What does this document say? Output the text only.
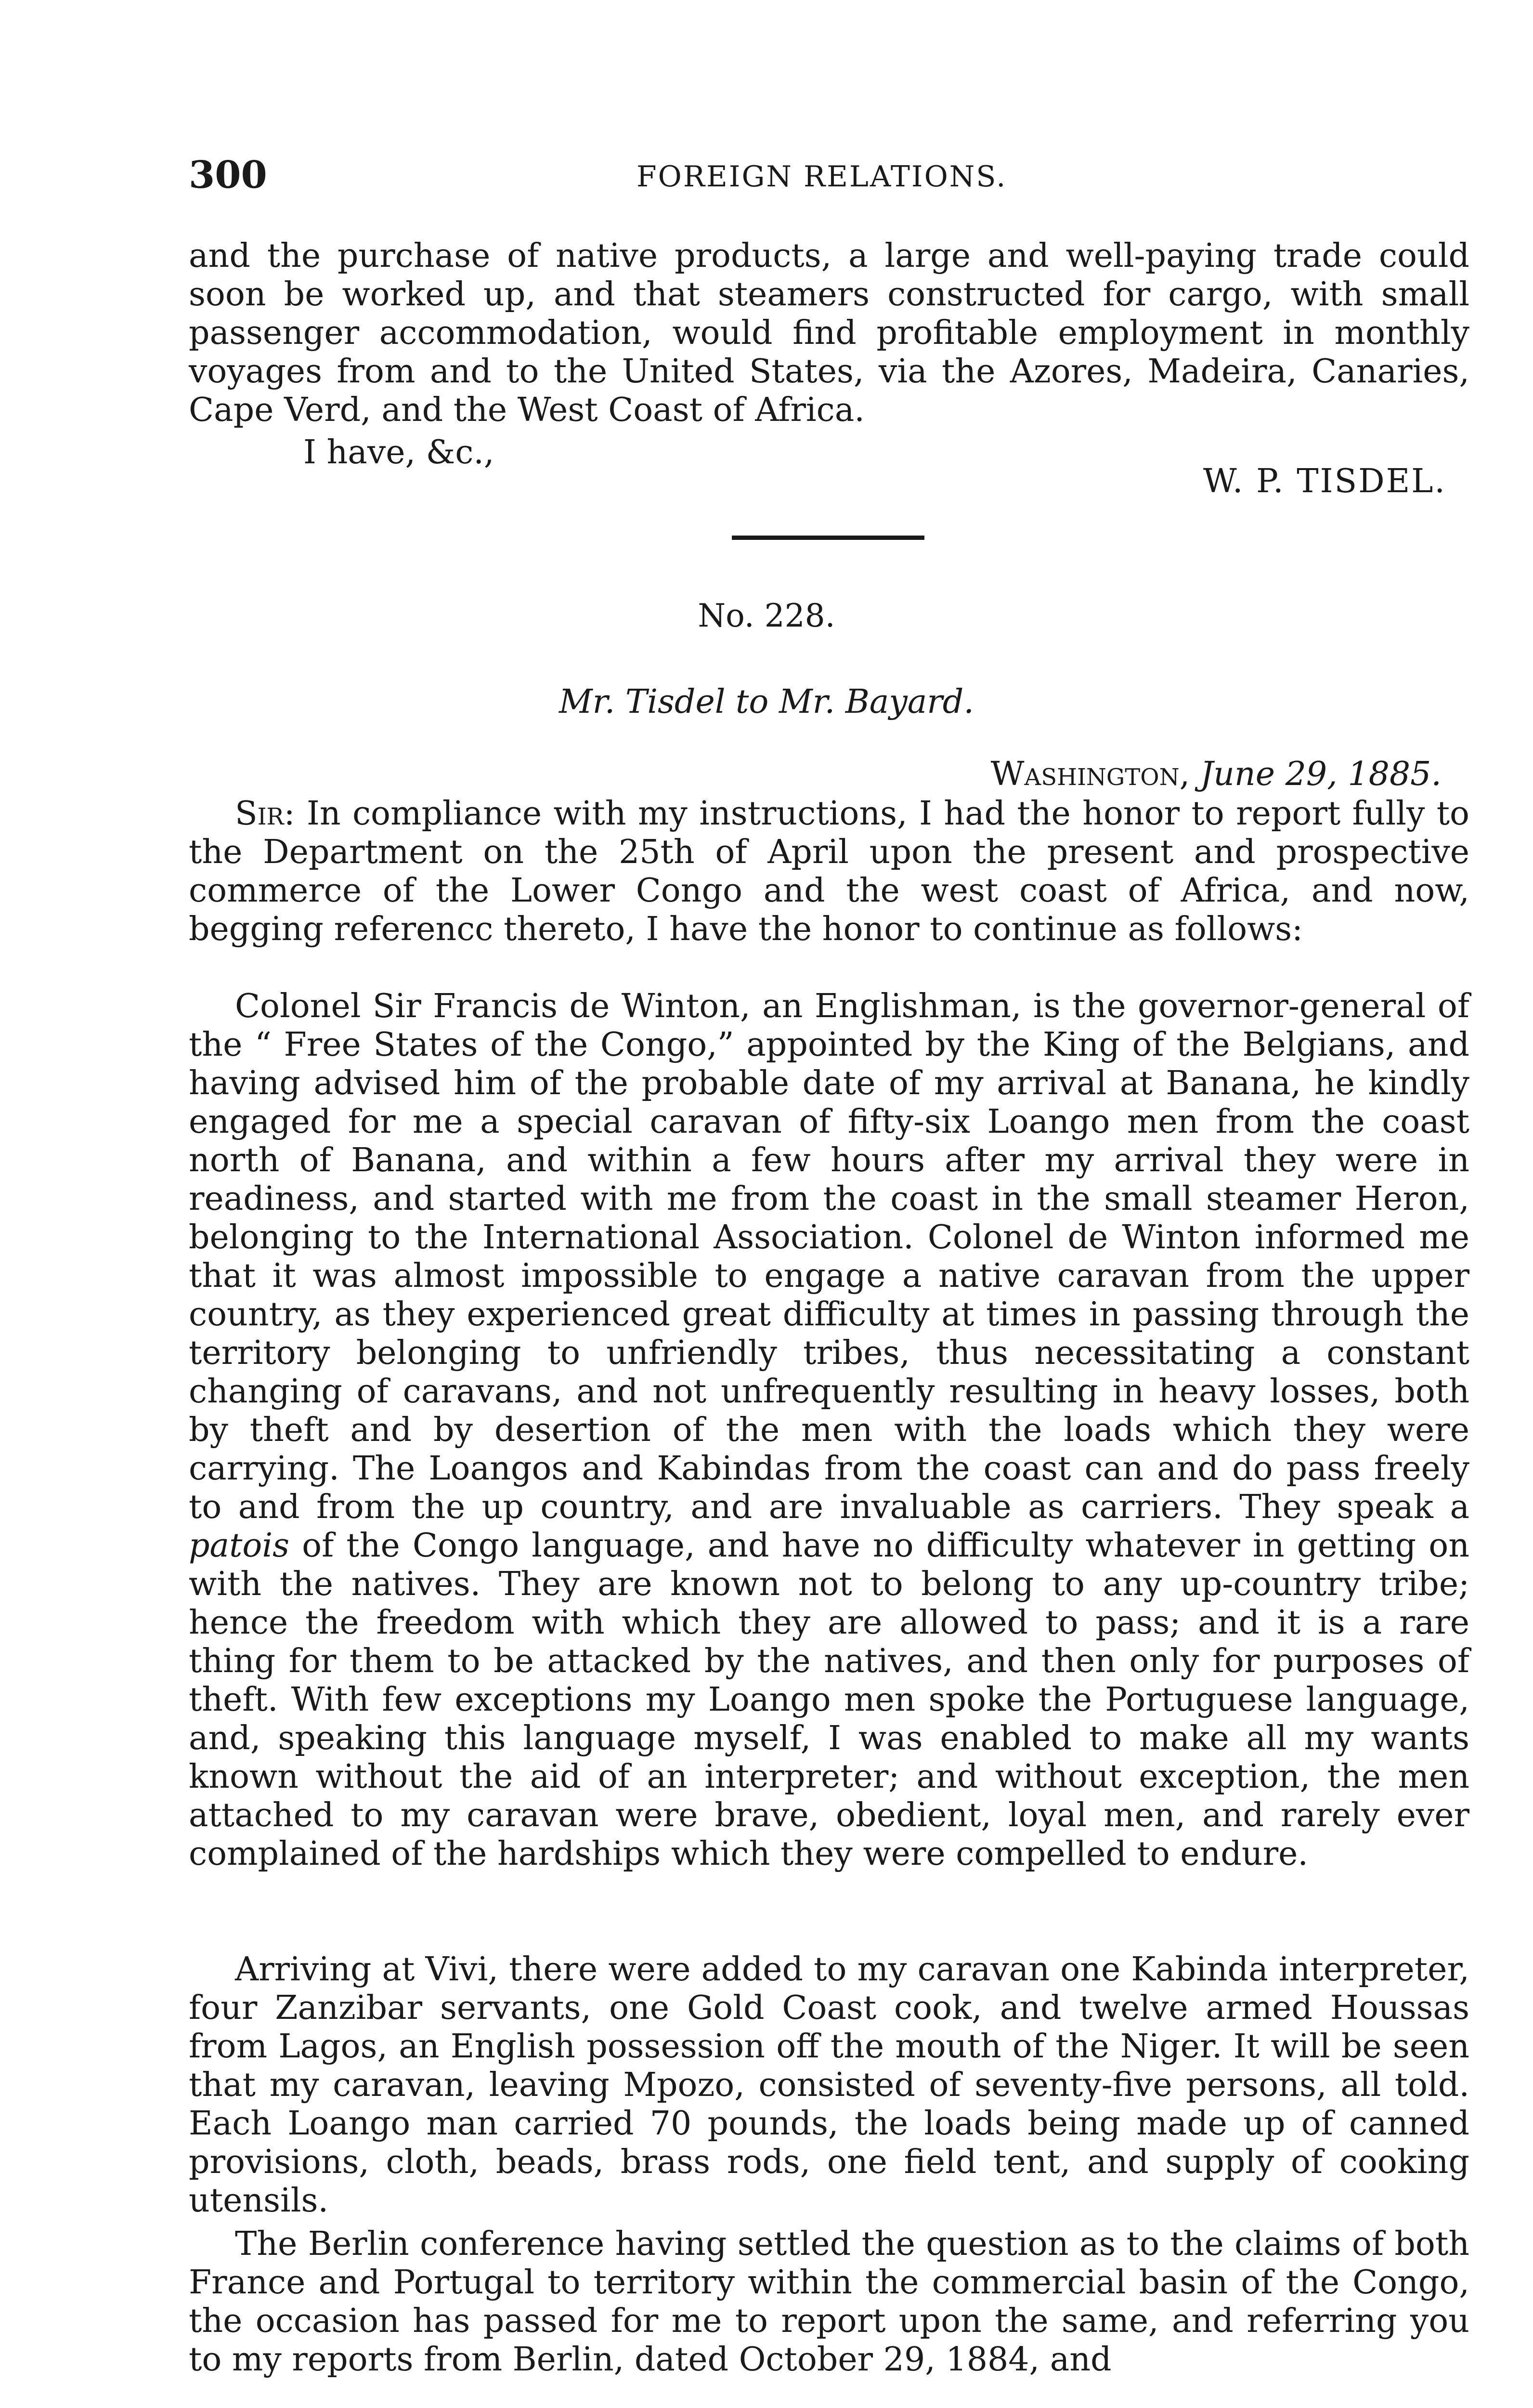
300	FOREIGN RELATIONS.

and the purchase of native products, a large and well-paying trade could soon be worked up, and that steamers constructed for cargo, with small passenger accommodation, would find profitable employment in monthly voyages from and to the United States, via the Azores, Madeira, Canaries, Cape Verd, and the West Coast of Africa.

I have, &c.,

W. P. TISDEL.

No. 228.

Mr. Tisdel to Mr. Bayard.

Washington, June 29, 1885.

Sir: In compliance with my instructions, I had the honor to report fully to the Department on the 25th of April upon the present and prospective commerce of the Lower Congo and the west coast of Africa, and now, begging referencc thereto, I have the honor to continue as follows:

Colonel Sir Francis de Winton, an Englishman, is the governor-general of the “ Free States of the Congo,” appointed by the King of the Belgians, and having advised him of the probable date of my arrival at Banana, he kindly engaged for me a special caravan of fifty-six Loango men from the coast north of Banana, and within a few hours after my arrival they were in readiness, and started with me from the coast in the small steamer Heron, belonging to the International Association. Colonel de Winton informed me that it was almost impossible to engage a native caravan from the upper country, as they experienced great difficulty at times in passing through the territory belonging to unfriendly tribes, thus necessitating a constant changing of caravans, and not unfrequently resulting in heavy losses, both by theft and by desertion of the men with the loads which they were carrying. The Loangos and Kabindas from the coast can and do pass freely to and from the up country, and are invaluable as carriers. They speak a patois of the Congo language, and have no difficulty whatever in getting on with the natives. They are known not to belong to any up-country tribe; hence the freedom with which they are allowed to pass; and it is a rare thing for them to be attacked by the natives, and then only for purposes of theft. With few exceptions my Loango men spoke the Portuguese language, and, speaking this language myself, I was enabled to make all my wants known without the aid of an interpreter; and without exception, the men attached to my caravan were brave, obedient, loyal men, and rarely ever complained of the hardships which they were compelled to endure.

Arriving at Vivi, there were added to my caravan one Kabinda interpreter, four Zanzibar servants, one Gold Coast cook, and twelve armed Houssas from Lagos, an English possession off the mouth of the Niger. It will be seen that my caravan, leaving Mpozo, consisted of seventy-five persons, all told. Each Loango man carried 70 pounds, the loads being made up of canned provisions, cloth, beads, brass rods, one field tent, and supply of cooking utensils.

The Berlin conference having settled the question as to the claims of both France and Portugal to territory within the commercial basin of the Congo, the occasion has passed for me to report upon the same, and referring you to my reports from Berlin, dated October 29, 1884, and
